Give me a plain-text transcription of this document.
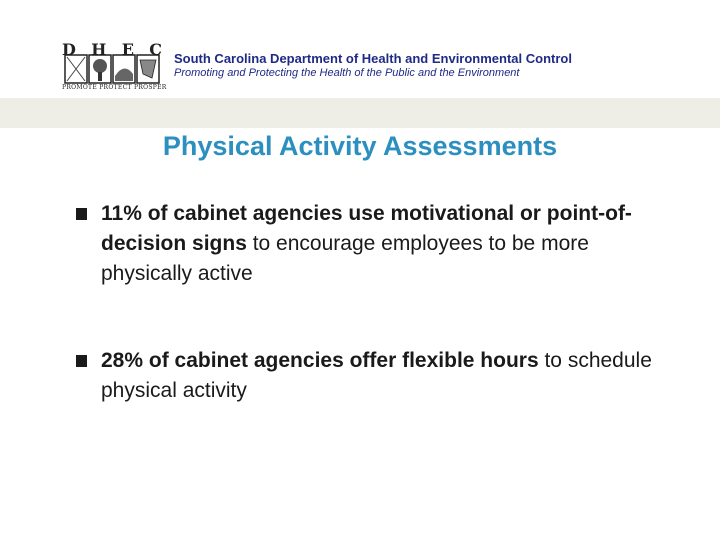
D H E C
PROMOTE PROTECT PROSPER
South Carolina Department of Health and Environmental Control
Promoting and Protecting the Health of the Public and the Environment
Physical Activity Assessments
11% of cabinet agencies use motivational or point-of-decision signs to encourage employees to be more physically active
28% of cabinet agencies offer flexible hours to schedule physical activity
